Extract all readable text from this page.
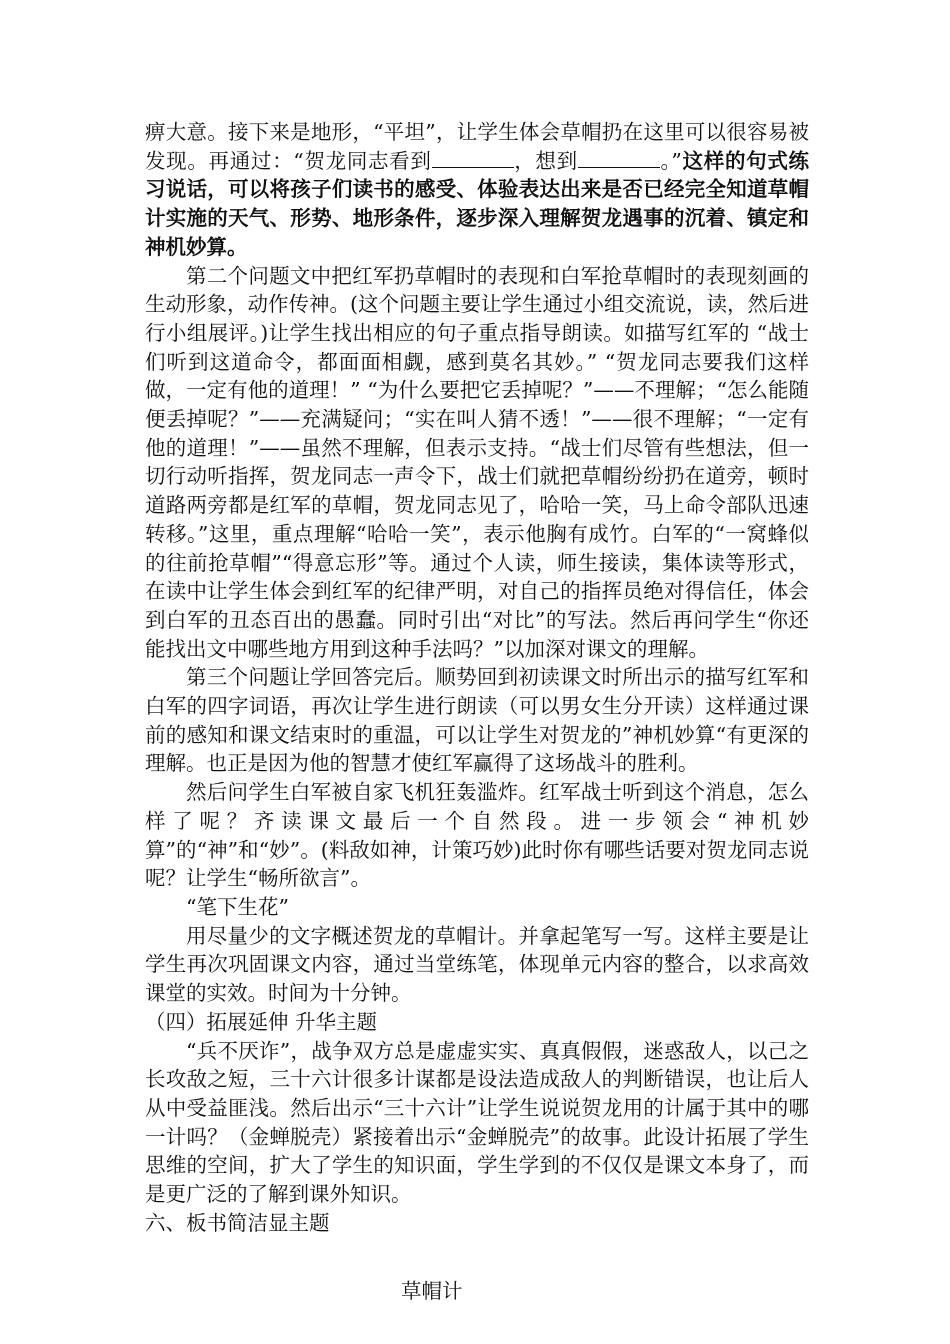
痹大意。接下来是地形，“平坦”，让学生体会草帽扔在这里可以很容易被发现。再通过：“贺龙同志看到	，想到	。”这样的句式练习说话，可以将孩子们读书的感受、体验表达出来是否已经完全知道草帽计实施的天气、形势、地形条件，逐步深入理解贺龙遇事的沉着、镇定和神机妙算。

第二个问题文中把红军扔草帽时的表现和白军抢草帽时的表现刻画的生动形象，动作传神。(这个问题主要让学生通过小组交流说，读，然后进行小组展评。)让学生找出相应的句子重点指导朗读。如描写红军的 “战士们听到这道命令，都面面相觑，感到莫名其妙。” “贺龙同志要我们这样做，一定有他的道理！” “为什么要把它丢掉呢？”——不理解；“怎么能随便丢掉呢？”——充满疑问；“实在叫人猜不透！”——很不理解；“一定有他的道理！”——虽然不理解，但表示支持。“战士们尽管有些想法，但一切行动听指挥，贺龙同志一声令下，战士们就把草帽纷纷扔在道旁，顿时道路两旁都是红军的草帽，贺龙同志见了，哈哈一笑，马上命令部队迅速转移。”这里，重点理解“哈哈一笑”，表示他胸有成竹。白军的“一窝蜂似的往前抢草帽”“得意忘形”等。通过个人读，师生接读，集体读等形式，在读中让学生体会到红军的纪律严明，对自己的指挥员绝对得信任，体会到白军的丑态百出的愚蠢。同时引出“对比”的写法。然后再问学生“你还能找出文中哪些地方用到这种手法吗？”以加深对课文的理解。

第三个问题让学回答完后。顺势回到初读课文时所出示的描写红军和白军的四字词语，再次让学生进行朗读（可以男女生分开读）这样通过课前的感知和课文结束时的重温，可以让学生对贺龙的”神机妙算“有更深的理解。也正是因为他的智慧才使红军赢得了这场战斗的胜利。

然后问学生白军被自家飞机狂轰滥炸。红军战士听到这个消息，怎么样了呢？齐读课文最后一个自然段。进一步领会“神机妙算”的“神”和“妙”。(料敌如神，计策巧妙)此时你有哪些话要对贺龙同志说呢？让学生“畅所欲言”。

“笔下生花”

用尽量少的文字概述贺龙的草帽计。并拿起笔写一写。这样主要是让学生再次巩固课文内容，通过当堂练笔，体现单元内容的整合，以求高效课堂的实效。时间为十分钟。

（四）拓展延伸 升华主题

“兵不厌诈”，战争双方总是虚虚实实、真真假假，迷惑敌人，以己之长攻敌之短，三十六计很多计谋都是设法造成敌人的判断错误，也让后人从中受益匪浅。然后出示“三十六计”让学生说说贺龙用的计属于其中的哪一计吗？（金蝉脱壳）紧接着出示“金蝉脱壳”的故事。此设计拓展了学生思维的空间，扩大了学生的知识面，学生学到的不仅仅是课文本身了，而是更广泛的了解到课外知识。

六、板书简洁显主题

草帽计
